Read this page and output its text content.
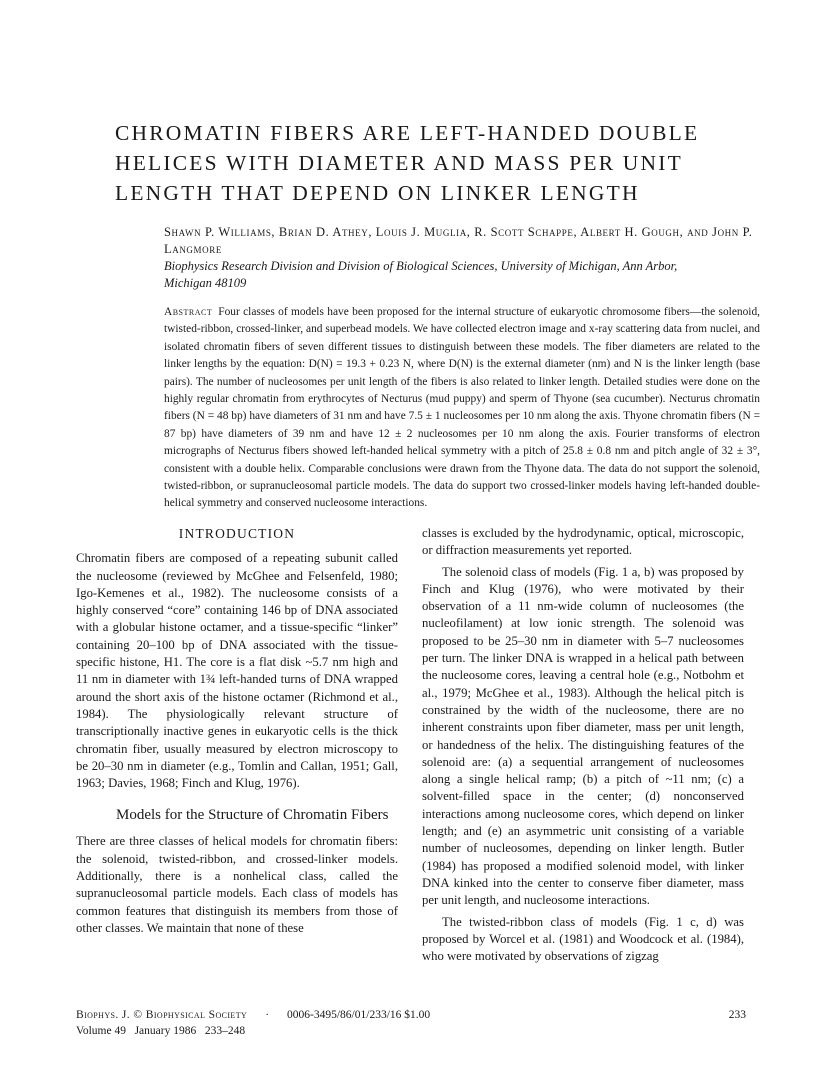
CHROMATIN FIBERS ARE LEFT-HANDED DOUBLE HELICES WITH DIAMETER AND MASS PER UNIT LENGTH THAT DEPEND ON LINKER LENGTH
Shawn P. Williams, Brian D. Athey, Louis J. Muglia, R. Scott Schappe, Albert H. Gough, and John P. Langmore
Biophysics Research Division and Division of Biological Sciences, University of Michigan, Ann Arbor, Michigan 48109

Abstract Four classes of models have been proposed for the internal structure of eukaryotic chromosome fibers—the solenoid, twisted-ribbon, crossed-linker, and superbead models. We have collected electron image and x-ray scattering data from nuclei, and isolated chromatin fibers of seven different tissues to distinguish between these models. The fiber diameters are related to the linker lengths by the equation: D(N) = 19.3 + 0.23 N, where D(N) is the external diameter (nm) and N is the linker length (base pairs). The number of nucleosomes per unit length of the fibers is also related to linker length. Detailed studies were done on the highly regular chromatin from erythrocytes of Necturus (mud puppy) and sperm of Thyone (sea cucumber). Necturus chromatin fibers (N = 48 bp) have diameters of 31 nm and have 7.5 ± 1 nucleosomes per 10 nm along the axis. Thyone chromatin fibers (N = 87 bp) have diameters of 39 nm and have 12 ± 2 nucleosomes per 10 nm along the axis. Fourier transforms of electron micrographs of Necturus fibers showed left-handed helical symmetry with a pitch of 25.8 ± 0.8 nm and pitch angle of 32 ± 3°, consistent with a double helix. Comparable conclusions were drawn from the Thyone data. The data do not support the solenoid, twisted-ribbon, or supranucleosomal particle models. The data do support two crossed-linker models having left-handed double-helical symmetry and conserved nucleosome interactions.

INTRODUCTION

Chromatin fibers are composed of a repeating subunit called the nucleosome (reviewed by McGhee and Felsenfeld, 1980; Igo-Kemenes et al., 1982). The nucleosome consists of a highly conserved “core” containing 146 bp of DNA associated with a globular histone octamer, and a tissue-specific “linker” containing 20–100 bp of DNA associated with the tissue-specific histone, H1. The core is a flat disk ~5.7 nm high and 11 nm in diameter with 1¾ left-handed turns of DNA wrapped around the short axis of the histone octamer (Richmond et al., 1984). The physiologically relevant structure of transcriptionally inactive genes in eukaryotic cells is the thick chromatin fiber, usually measured by electron microscopy to be 20–30 nm in diameter (e.g., Tomlin and Callan, 1951; Gall, 1963; Davies, 1968; Finch and Klug, 1976).

Models for the Structure of Chromatin Fibers

There are three classes of helical models for chromatin fibers: the solenoid, twisted-ribbon, and crossed-linker models. Additionally, there is a nonhelical class, called the supranucleosomal particle models. Each class of models has common features that distinguish its members from those of other classes. We maintain that none of these

classes is excluded by the hydrodynamic, optical, microscopic, or diffraction measurements yet reported.

The solenoid class of models (Fig. 1 a, b) was proposed by Finch and Klug (1976), who were motivated by their observation of a 11 nm-wide column of nucleosomes (the nucleofilament) at low ionic strength. The solenoid was proposed to be 25–30 nm in diameter with 5–7 nucleosomes per turn. The linker DNA is wrapped in a helical path between the nucleosome cores, leaving a central hole (e.g., Notbohm et al., 1979; McGhee et al., 1983). Although the helical pitch is constrained by the width of the nucleosome, there are no inherent constraints upon fiber diameter, mass per unit length, or handedness of the helix. The distinguishing features of the solenoid are: (a) a sequential arrangement of nucleosomes along a single helical ramp; (b) a pitch of ~11 nm; (c) a solvent-filled space in the center; (d) nonconserved interactions among nucleosome cores, which depend on linker length; and (e) an asymmetric unit consisting of a variable number of nucleosomes, depending on linker length. Butler (1984) has proposed a modified solenoid model, with linker DNA kinked into the center to conserve fiber diameter, mass per unit length, and nucleosome interactions.

The twisted-ribbon class of models (Fig. 1 c, d) was proposed by Worcel et al. (1981) and Woodcock et al. (1984), who were motivated by observations of zigzag

Biophys. J. © Biophysical Society · 0006-3495/86/01/233/16 $1.00	233
Volume 49   January 1986   233–248
